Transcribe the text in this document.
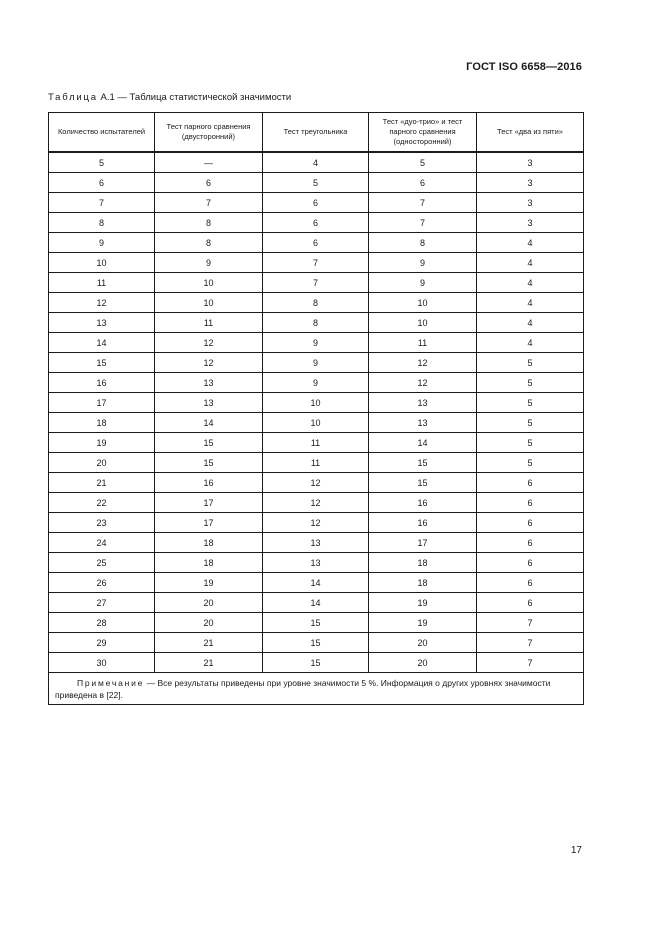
ГОСТ ISO 6658—2016
Таблица А.1 — Таблица статистической значимости
Количество испытателей	Тест парного сравнения (двусторонний)	Тест треугольника	Тест «дуо-трио» и тест парного сравнения (односторонний)	Тест «два из пяти»
5	—	4	5	3
6	6	5	6	3
7	7	6	7	3
8	8	6	7	3
9	8	6	8	4
10	9	7	9	4
11	10	7	9	4
12	10	8	10	4
13	11	8	10	4
14	12	9	11	4
15	12	9	12	5
16	13	9	12	5
17	13	10	13	5
18	14	10	13	5
19	15	11	14	5
20	15	11	15	5
21	16	12	15	6
22	17	12	16	6
23	17	12	16	6
24	18	13	17	6
25	18	13	18	6
26	19	14	18	6
27	20	14	19	6
28	20	15	19	7
29	21	15	20	7
30	21	15	20	7
Примечание — Все результаты приведены при уровне значимости 5 %. Информация о других уровнях значимости приведена в [22].				
17
